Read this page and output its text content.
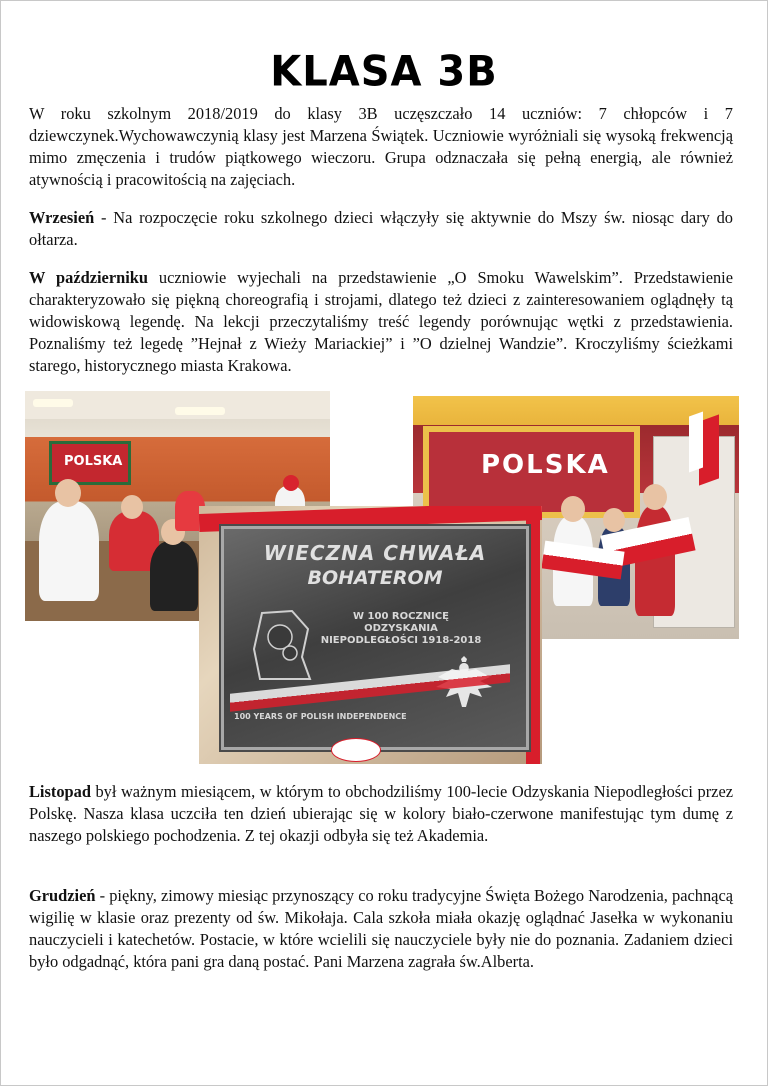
KLASA 3B

W roku szkolnym 2018/2019 do klasy 3B uczęszczało 14 uczniów: 7 chłopców i 7 dziewczynek.Wychowawczynią klasy jest Marzena Świątek. Uczniowie wyróżniali się wysoką frekwencją mimo zmęczenia i trudów piątkowego wieczoru. Grupa odznaczała się pełną energią, ale również atywnością i pracowitością na zajęciach.

Wrzesień - Na rozpoczęcie roku szkolnego dzieci włączyły się aktywnie do Mszy św. niosąc dary do ołtarza.

W październiku uczniowie wyjechali na przedstawienie „O Smoku Wawelskim”. Przedstawienie charakteryzowało się piękną choreografią i strojami, dlatego też dzieci z zainteresowaniem oglądnęły tą widowiskową legendę. Na lekcji przeczytaliśmy treść legendy porównując wętki z przedstawienia. Poznaliśmy też legedę ”Hejnał z Wieży Mariackiej” i ”O dzielnej Wandzie”. Kroczyliśmy ścieżkami starego, historycznego miasta Krakowa.

POLSKA	POLSKA
WIECZNA CHWAŁA
BOHATEROM
W 100 ROCZNICĘ ODZYSKANIA NIEPODLEGŁOŚCI 1918-2018
100 YEARS OF POLISH INDEPENDENCE

Listopad był ważnym miesiącem, w którym to obchodziliśmy 100-lecie Odzyskania Niepodległości przez Polskę. Nasza klasa uczciła ten dzień ubierając się w kolory biało-czerwone manifestując tym dumę z naszego polskiego pochodzenia. Z tej okazji odbyła się też Akademia.

Grudzień - piękny, zimowy miesiąc przynoszący co roku tradycyjne Święta Bożego Narodzenia, pachnącą wigilię w klasie oraz prezenty od św. Mikołaja. Cala szkoła miała okazję oglądnać Jasełka w wykonaniu nauczycieli i katechetów. Postacie, w które wcielili się nauczyciele były nie do poznania. Zadaniem dzieci było odgadnąć, która pani gra daną postać. Pani Marzena zagrała św.Alberta.
